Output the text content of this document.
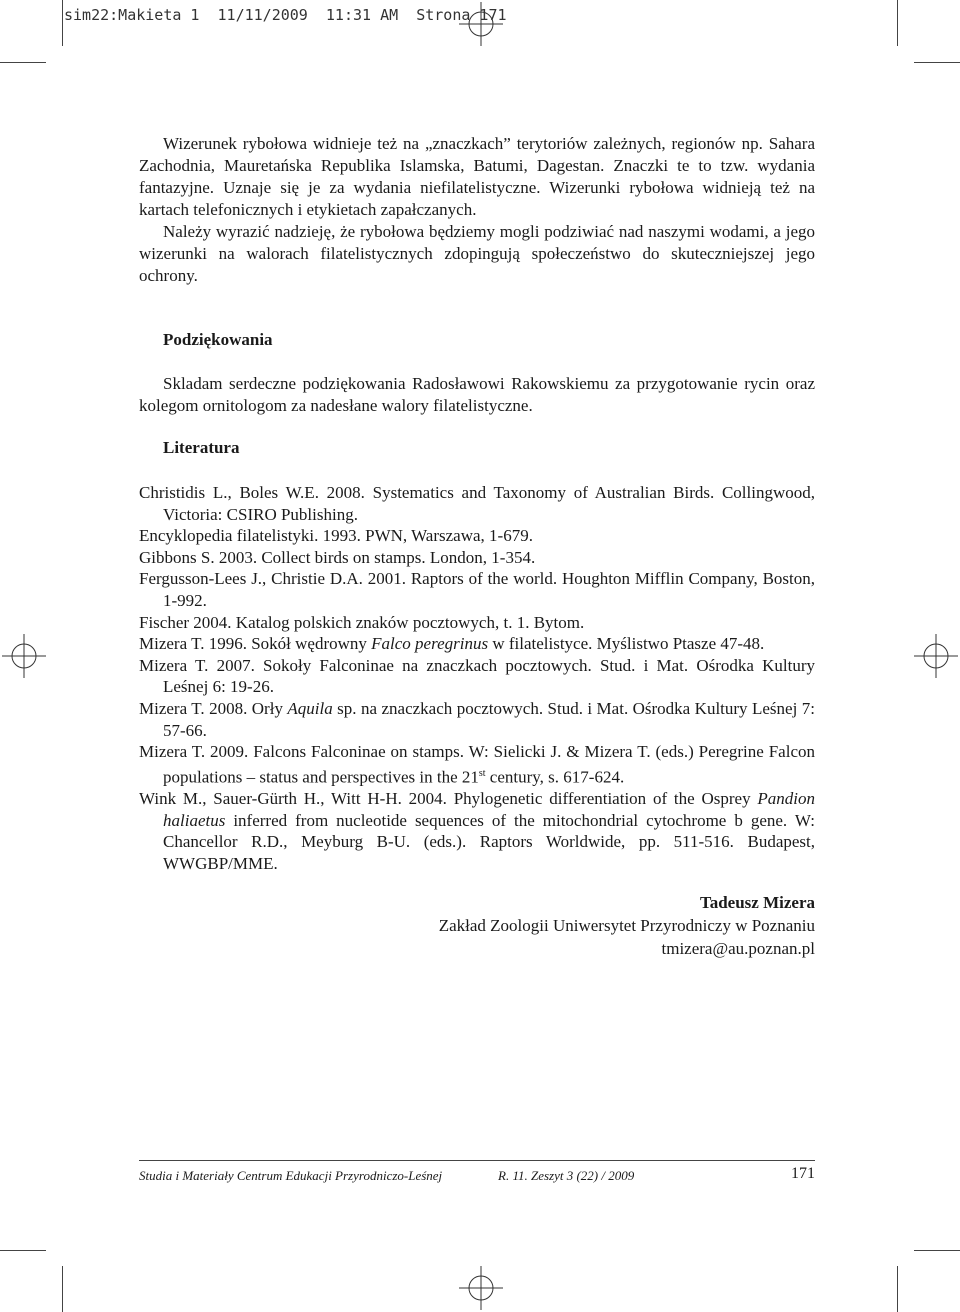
sim22:Makieta 1  11/11/2009  11:31 AM  Strona 171

Wizerunek rybołowa widnieje też na „znaczkach” terytoriów zależnych, regionów np. Sahara Zachodnia, Mauretańska Republika Islamska, Batumi, Dagestan. Znaczki te to tzw. wydania fantazyjne. Uznaje się je za wydania niefilatelistyczne. Wizerunki rybołowa widnieją też na kartach telefonicznych i etykietach zapałczanych.

Należy wyrazić nadzieję, że rybołowa będziemy mogli podziwiać nad naszymi wodami, a jego wizerunki na walorach filatelistycznych zdopingują społeczeństwo do skuteczniejszej jego ochrony.

Podziękowania

Skladam serdeczne podziękowania Radosławowi Rakowskiemu za przygotowanie rycin oraz kolegom ornitologom za nadesłane walory filatelistyczne.

Literatura
Christidis L., Boles W.E. 2008. Systematics and Taxonomy of Australian Birds. Collingwood, Victoria: CSIRO Publishing.
Encyklopedia filatelistyki. 1993. PWN, Warszawa, 1-679.
Gibbons S. 2003. Collect birds on stamps. London, 1-354.
Fergusson-Lees J., Christie D.A. 2001. Raptors of the world. Houghton Mifflin Company, Boston, 1-992.
Fischer 2004. Katalog polskich znaków pocztowych, t. 1. Bytom.
Mizera T. 1996. Sokół wędrowny Falco peregrinus w filatelistyce. Myślistwo Ptasze 47-48.
Mizera T. 2007. Sokoły Falconinae na znaczkach pocztowych. Stud. i Mat. Ośrodka Kultury Leśnej 6: 19-26.
Mizera T. 2008. Orły Aquila sp. na znaczkach pocztowych. Stud. i Mat. Ośrodka Kultury Leśnej 7: 57-66.
Mizera T. 2009. Falcons Falconinae on stamps. W: Sielicki J. & Mizera T. (eds.) Peregrine Falcon populations – status and perspectives in the 21st century, s. 617-624.
Wink M., Sauer-Gürth H., Witt H-H. 2004. Phylogenetic differentiation of the Osprey Pandion haliaetus inferred from nucleotide sequences of the mitochondrial cytochrome b gene. W: Chancellor R.D., Meyburg B-U. (eds.). Raptors Worldwide, pp. 511-516. Budapest, WWGBP/MME.
Tadeusz Mizera
Zakład Zoologii Uniwersytet Przyrodniczy w Poznaniu
tmizera@au.poznan.pl
Studia i Materiały Centrum Edukacji Przyrodniczo-Leśnej	R. 11. Zeszyt 3 (22) / 2009	171
